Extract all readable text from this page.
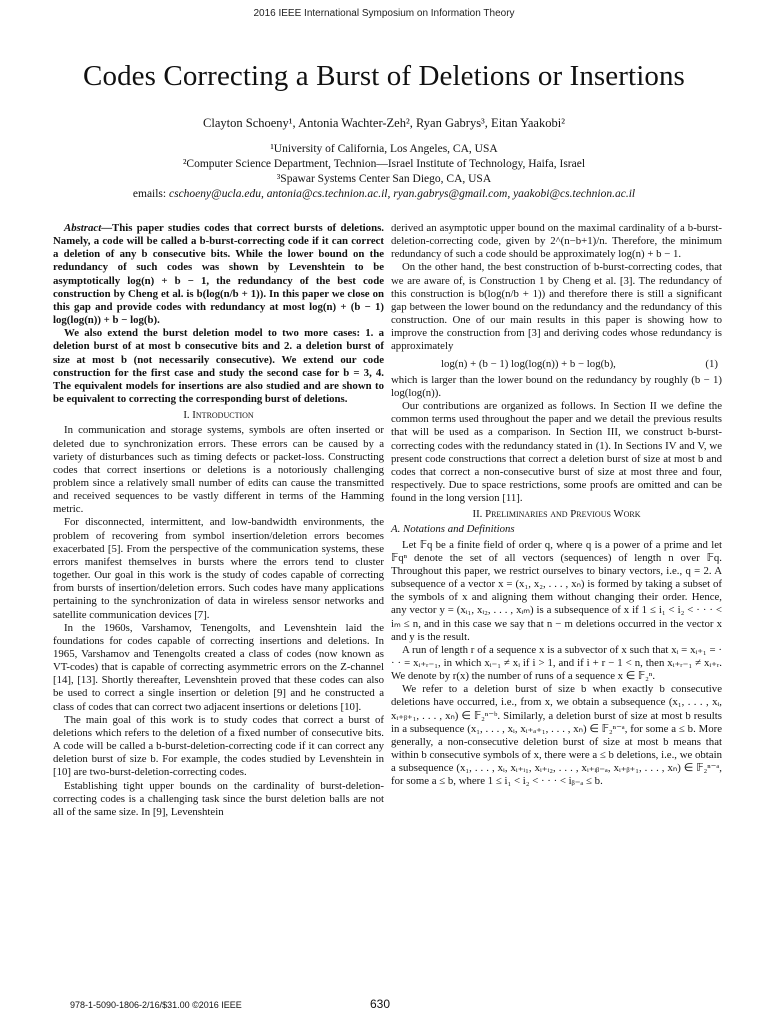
2016 IEEE International Symposium on Information Theory
Codes Correcting a Burst of Deletions or Insertions
Clayton Schoeny¹, Antonia Wachter-Zeh², Ryan Gabrys³, Eitan Yaakobi²
¹University of California, Los Angeles, CA, USA
²Computer Science Department, Technion—Israel Institute of Technology, Haifa, Israel
³Spawar Systems Center San Diego, CA, USA
emails: cschoeny@ucla.edu, antonia@cs.technion.ac.il, ryan.gabrys@gmail.com, yaakobi@cs.technion.ac.il

Abstract—This paper studies codes that correct bursts of deletions. Namely, a code will be called a b-burst-correcting code if it can correct a deletion of any b consecutive bits. While the lower bound on the redundancy of such codes was shown by Levenshtein to be asymptotically log(n) + b − 1, the redundancy of the best code construction by Cheng et al. is b(log(n/b + 1)). In this paper we close on this gap and provide codes with redundancy at most log(n) + (b − 1) log(log(n)) + b − log(b).

We also extend the burst deletion model to two more cases: 1. a deletion burst of at most b consecutive bits and 2. a deletion burst of size at most b (not necessarily consecutive). We extend our code construction for the first case and study the second case for b = 3, 4. The equivalent models for insertions are also studied and are shown to be equivalent to correcting the corresponding burst of deletions.

I. Introduction

In communication and storage systems, symbols are often inserted or deleted due to synchronization errors. These errors can be caused by a variety of disturbances such as timing defects or packet-loss. Constructing codes that correct insertions or deletions is a notoriously challenging problem since a relatively small number of edits can cause the transmitted and received sequences to be vastly different in terms of the Hamming metric.

For disconnected, intermittent, and low-bandwidth environments, the problem of recovering from symbol insertion/deletion errors becomes exacerbated [5]. From the perspective of the communication systems, these errors manifest themselves in bursts where the errors tend to cluster together. Our goal in this work is the study of codes capable of correcting from bursts of insertion/deletion errors. Such codes have many applications pertaining to the synchronization of data in wireless sensor networks and satellite communication devices [7].

In the 1960s, Varshamov, Tenengolts, and Levenshtein laid the foundations for codes capable of correcting insertions and deletions. In 1965, Varshamov and Tenengolts created a class of codes (now known as VT-codes) that is capable of correcting asymmetric errors on the Z-channel [14], [13]. Shortly thereafter, Levenshtein proved that these codes can also be used to correct a single insertion or deletion [9] and he constructed a class of codes that can correct two adjacent insertions or deletions [10].

The main goal of this work is to study codes that correct a burst of deletions which refers to the deletion of a fixed number of consecutive bits. A code will be called a b-burst-deletion-correcting code if it can correct any deletion burst of size b. For example, the codes studied by Levenshtein in [10] are two-burst-deletion-correcting codes.

Establishing tight upper bounds on the cardinality of burst-deletion-correcting codes is a challenging task since the burst deletion balls are not all of the same size. In [9], Levenshtein

derived an asymptotic upper bound on the maximal cardinality of a b-burst-deletion-correcting code, given by 2^(n−b+1)/n. Therefore, the minimum redundancy of such a code should be approximately log(n) + b − 1.

On the other hand, the best construction of b-burst-correcting codes, that we are aware of, is Construction 1 by Cheng et al. [3]. The redundancy of this construction is b(log(n/b + 1)) and therefore there is still a significant gap between the lower bound on the redundancy and the redundancy of this construction. One of our main results in this paper is showing how to improve the construction from [3] and deriving codes whose redundancy is approximately

log(n) + (b − 1) log(log(n)) + b − log(b),	(1)

which is larger than the lower bound on the redundancy by roughly (b − 1) log(log(n)).

Our contributions are organized as follows. In Section II we define the common terms used throughout the paper and we detail the previous results that will be used as a comparison. In Section III, we construct b-burst-correcting codes with the redundancy stated in (1). In Sections IV and V, we present code constructions that correct a deletion burst of size at most b and codes that correct a non-consecutive burst of size at most three and four, respectively. Due to space restrictions, some proofs are omitted and can be found in the long version [11].

II. Preliminaries and Previous Work
A. Notations and Definitions

Let 𝔽q be a finite field of order q, where q is a power of a prime and let 𝔽qⁿ denote the set of all vectors (sequences) of length n over 𝔽q. Throughout this paper, we restrict ourselves to binary vectors, i.e., q = 2. A subsequence of a vector x = (x₁, x₂, . . . , xₙ) is formed by taking a subset of the symbols of x and aligning them without changing their order. Hence, any vector y = (xᵢ₁, xᵢ₂, . . . , xᵢₘ) is a subsequence of x if 1 ≤ i₁ < i₂ < · · · < iₘ ≤ n, and in this case we say that n − m deletions occurred in the vector x and y is the result.

A run of length r of a sequence x is a subvector of x such that xᵢ = xᵢ₊₁ = · · · = xᵢ₊ᵣ₋₁, in which xᵢ₋₁ ≠ xᵢ if i > 1, and if i + r − 1 < n, then xᵢ₊ᵣ₋₁ ≠ xᵢ₊ᵣ. We denote by r(x) the number of runs of a sequence x ∈ 𝔽₂ⁿ.

We refer to a deletion burst of size b when exactly b consecutive deletions have occurred, i.e., from x, we obtain a subsequence (x₁, . . . , xᵢ, xᵢ₊ᵦ₊₁, . . . , xₙ) ∈ 𝔽₂ⁿ⁻ᵇ. Similarly, a deletion burst of size at most b results in a subsequence (x₁, . . . , xᵢ, xᵢ₊ₐ₊₁, . . . , xₙ) ∈ 𝔽₂ⁿ⁻ᵃ, for some a ≤ b. More generally, a non-consecutive deletion burst of size at most b means that within b consecutive symbols of x, there were a ≤ b deletions, i.e., we obtain a subsequence (x₁, . . . , xᵢ, xᵢ₊ᵢ₁, xᵢ₊ᵢ₂, . . . , xᵢ₊ᵢᵦ₋ₐ, xᵢ₊ᵦ₊₁, . . . , xₙ) ∈ 𝔽₂ⁿ⁻ᵃ, for some a ≤ b, where 1 ≤ i₁ < i₂ < · · · < iᵦ₋ₐ ≤ b.

978-1-5090-1806-2/16/$31.00 ©2016 IEEE	630
